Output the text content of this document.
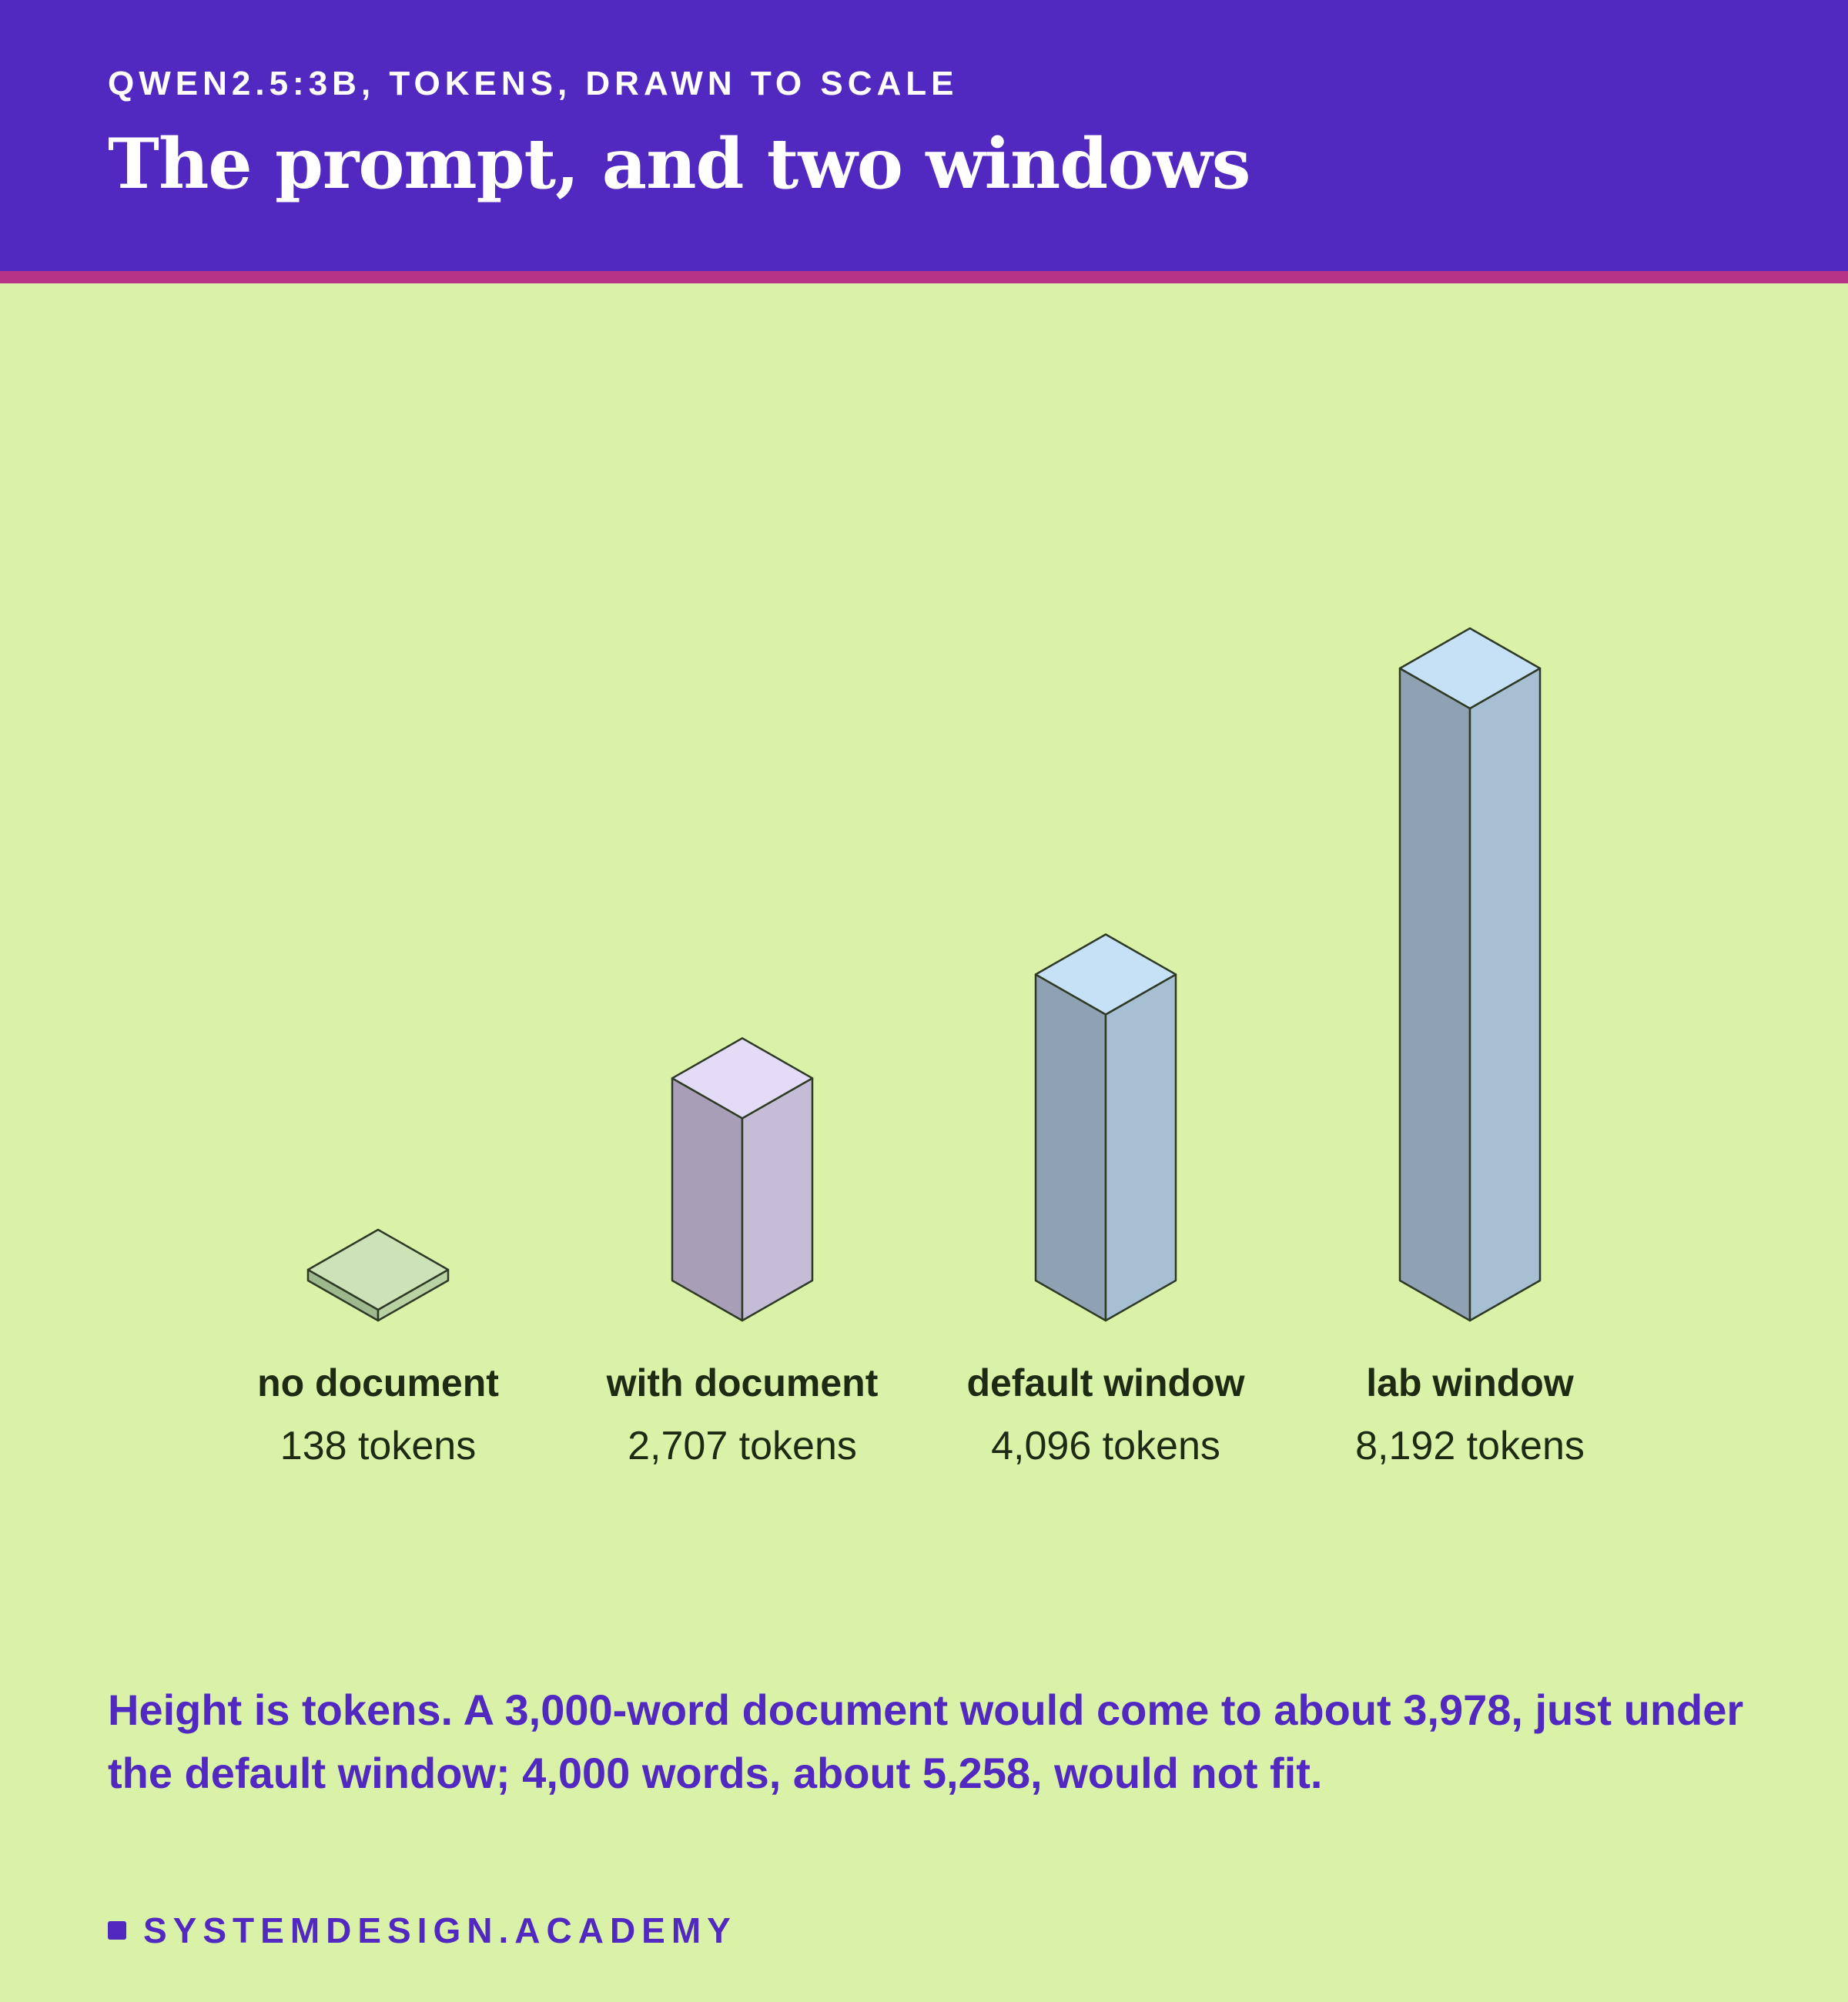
QWEN2.5:3B, TOKENS, DRAWN TO SCALE
The prompt, and two windows
no document
138 tokens
with document
2,707 tokens
default window
4,096 tokens
lab window
8,192 tokens
Height is tokens. A 3,000-word document would come to about 3,978, just under the default window; 4,000 words, about 5,258, would not fit.
SYSTEMDESIGN.ACADEMY
